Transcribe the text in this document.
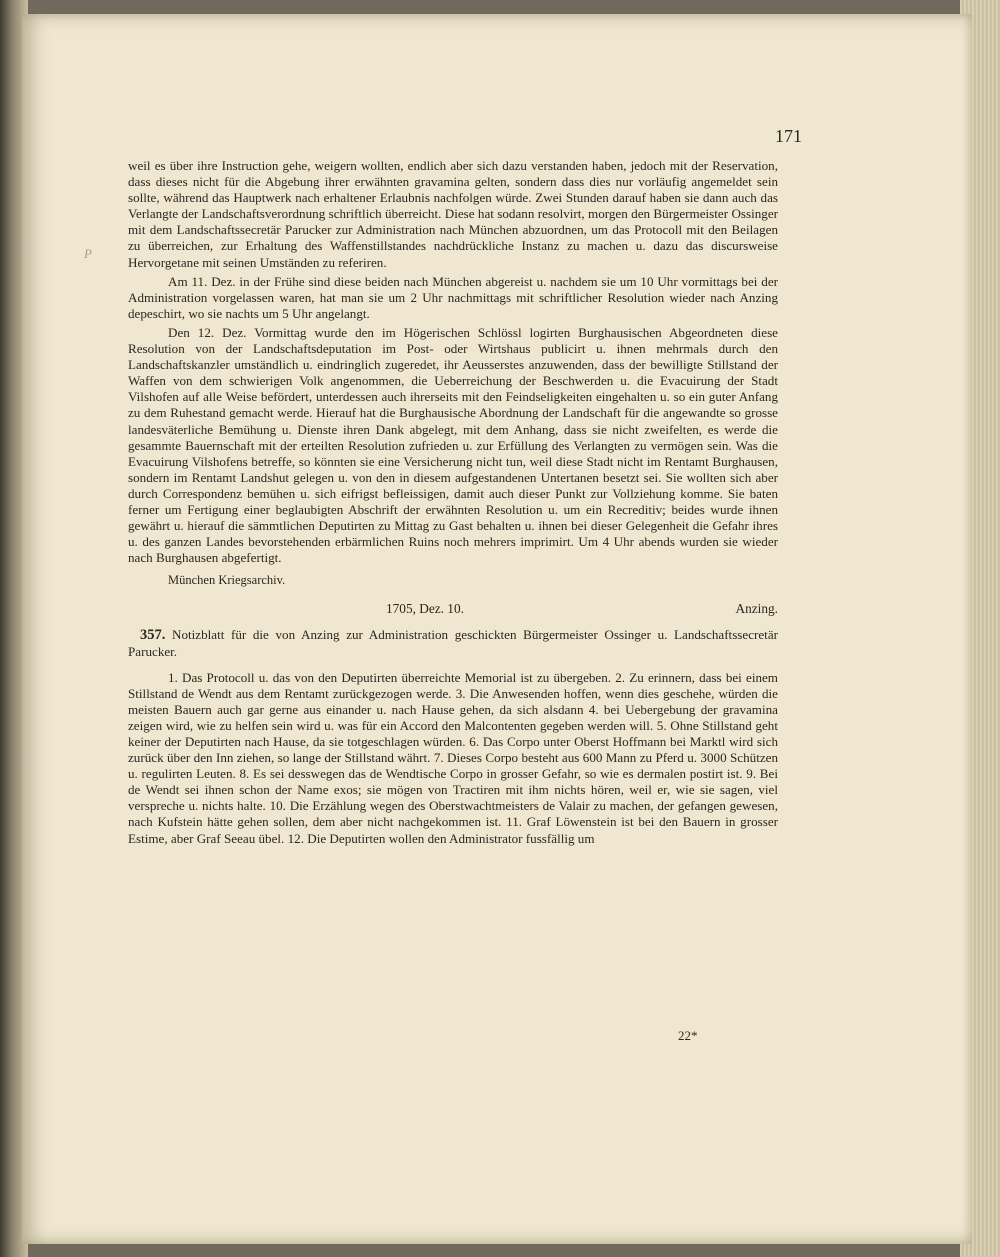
P
171

weil es über ihre Instruction gehe, weigern wollten, endlich aber sich dazu verstanden haben, jedoch mit der Reservation, dass dieses nicht für die Abgebung ihrer erwähnten gravamina gelten, sondern dass dies nur vorläufig angemeldet sein sollte, während das Hauptwerk nach erhaltener Erlaubnis nachfolgen würde. Zwei Stunden darauf haben sie dann auch das Verlangte der Landschaftsverordnung schriftlich überreicht. Diese hat sodann resolvirt, morgen den Bürgermeister Ossinger mit dem Landschaftssecretär Parucker zur Administration nach München abzuordnen, um das Protocoll mit den Beilagen zu überreichen, zur Erhaltung des Waffenstillstandes nachdrückliche Instanz zu machen u. dazu das discursweise Hervorgetane mit seinen Umständen zu referiren.

Am 11. Dez. in der Frühe sind diese beiden nach München abgereist u. nachdem sie um 10 Uhr vormittags bei der Administration vorgelassen waren, hat man sie um 2 Uhr nachmittags mit schriftlicher Resolution wieder nach Anzing depeschirt, wo sie nachts um 5 Uhr angelangt.

Den 12. Dez. Vormittag wurde den im Högerischen Schlössl logirten Burghausischen Abgeordneten diese Resolution von der Landschaftsdeputation im Post- oder Wirtshaus publicirt u. ihnen mehrmals durch den Landschaftskanzler umständlich u. eindringlich zugeredet, ihr Aeusserstes anzuwenden, dass der bewilligte Stillstand der Waffen von dem schwierigen Volk angenommen, die Ueberreichung der Beschwerden u. die Evacuirung der Stadt Vilshofen auf alle Weise befördert, unterdessen auch ihrerseits mit den Feindseligkeiten eingehalten u. so ein guter Anfang zu dem Ruhestand gemacht werde. Hierauf hat die Burghausische Abordnung der Landschaft für die angewandte so grosse landesväterliche Bemühung u. Dienste ihren Dank abgelegt, mit dem Anhang, dass sie nicht zweifelten, es werde die gesammte Bauernschaft mit der erteilten Resolution zufrieden u. zur Erfüllung des Verlangten zu vermögen sein. Was die Evacuirung Vilshofens betreffe, so könnten sie eine Versicherung nicht tun, weil diese Stadt nicht im Rentamt Burghausen, sondern im Rentamt Landshut gelegen u. von den in diesem aufgestandenen Untertanen besetzt sei. Sie wollten sich aber durch Correspondenz bemühen u. sich eifrigst befleissigen, damit auch dieser Punkt zur Vollziehung komme. Sie baten ferner um Fertigung einer beglaubigten Abschrift der erwähnten Resolution u. um ein Recreditiv; beides wurde ihnen gewährt u. hierauf die sämmtlichen Deputirten zu Mittag zu Gast behalten u. ihnen bei dieser Gelegenheit die Gefahr ihres u. des ganzen Landes bevorstehenden erbärmlichen Ruins noch mehrers imprimirt. Um 4 Uhr abends wurden sie wieder nach Burghausen abgefertigt.

München Kriegsarchiv.
1705, Dez. 10.	Anzing.

357. Notizblatt für die von Anzing zur Administration geschickten Bürgermeister Ossinger u. Landschaftssecretär Parucker.

1. Das Protocoll u. das von den Deputirten überreichte Memorial ist zu übergeben. 2. Zu erinnern, dass bei einem Stillstand de Wendt aus dem Rentamt zurückgezogen werde. 3. Die Anwesenden hoffen, wenn dies geschehe, würden die meisten Bauern auch gar gerne aus einander u. nach Hause gehen, da sich alsdann 4. bei Uebergebung der gravamina zeigen wird, wie zu helfen sein wird u. was für ein Accord den Malcontenten gegeben werden will. 5. Ohne Stillstand geht keiner der Deputirten nach Hause, da sie totgeschlagen würden. 6. Das Corpo unter Oberst Hoffmann bei Marktl wird sich zurück über den Inn ziehen, so lange der Stillstand währt. 7. Dieses Corpo besteht aus 600 Mann zu Pferd u. 3000 Schützen u. regulirten Leuten. 8. Es sei desswegen das de Wendtische Corpo in grosser Gefahr, so wie es dermalen postirt ist. 9. Bei de Wendt sei ihnen schon der Name exos; sie mögen von Tractiren mit ihm nichts hören, weil er, wie sie sagen, viel verspreche u. nichts halte. 10. Die Erzählung wegen des Oberstwachtmeisters de Valair zu machen, der gefangen gewesen, nach Kufstein hätte gehen sollen, dem aber nicht nachgekommen ist. 11. Graf Löwenstein ist bei den Bauern in grosser Estime, aber Graf Seeau übel. 12. Die Deputirten wollen den Administrator fussfällig um

22*
